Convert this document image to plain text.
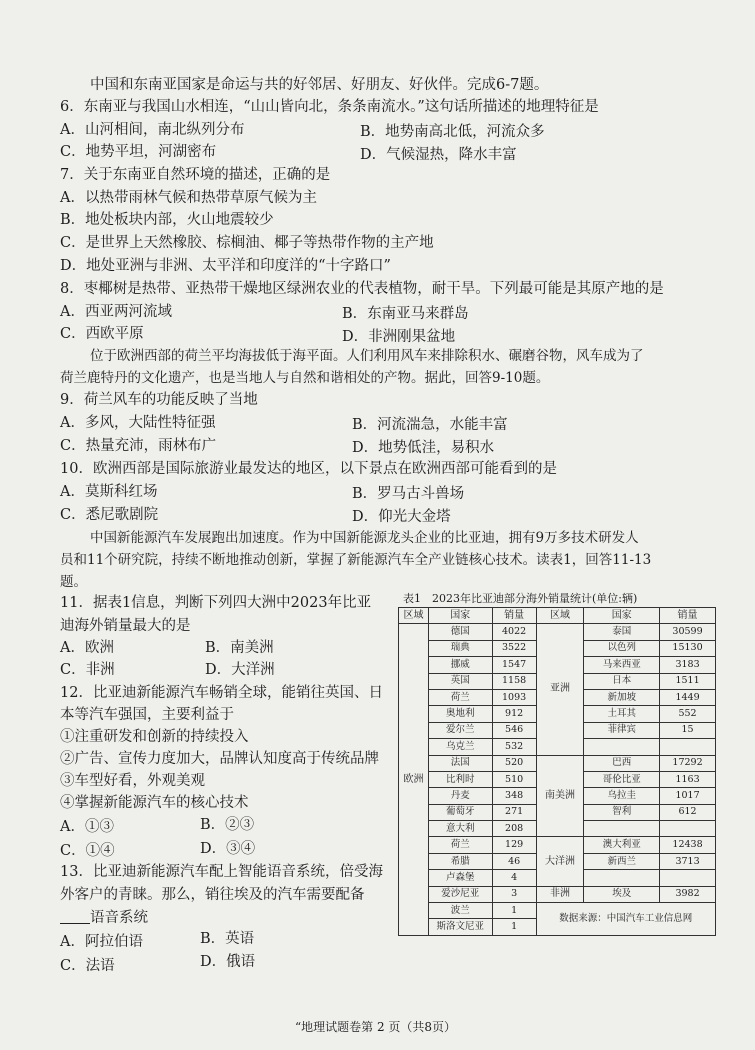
中国和东南亚国家是命运与共的好邻居、好朋友、好伙伴。完成6-7题。
6．东南亚与我国山水相连，“山山皆向北，条条南流水。”这句话所描述的地理特征是
A．山河相间，南北纵列分布	B．地势南高北低，河流众多
C．地势平坦，河湖密布	D．气候湿热，降水丰富
7．关于东南亚自然环境的描述，正确的是
A．以热带雨林气候和热带草原气候为主
B．地处板块内部，火山地震较少
C．是世界上天然橡胶、棕榈油、椰子等热带作物的主产地
D．地处亚洲与非洲、太平洋和印度洋的“十字路口”
8．枣椰树是热带、亚热带干燥地区绿洲农业的代表植物，耐干旱。下列最可能是其原产地的是
A．西亚两河流域	B．东南亚马来群岛
C．西欧平原	D．非洲刚果盆地
位于欧洲西部的荷兰平均海拔低于海平面。人们利用风车来排除积水、碾磨谷物，风车成为了
荷兰鹿特丹的文化遗产，也是当地人与自然和谐相处的产物。据此，回答9-10题。
9．荷兰风车的功能反映了当地
A．多风，大陆性特征强	B．河流湍急，水能丰富
C．热量充沛，雨林布广	D．地势低洼，易积水
10．欧洲西部是国际旅游业最发达的地区，以下景点在欧洲西部可能看到的是
A．莫斯科红场	B．罗马古斗兽场
C．悉尼歌剧院	D．仰光大金塔
中国新能源汽车发展跑出加速度。作为中国新能源龙头企业的比亚迪，拥有9万多技术研发人
员和11个研究院，持续不断地推动创新，掌握了新能源汽车全产业链核心技术。读表1，回答11-13
题。
11．据表1信息，判断下列四大洲中2023年比亚
迪海外销量最大的是
A．欧洲	B．南美洲
C．非洲	D．大洋洲
12．比亚迪新能源汽车畅销全球，能销往英国、日
本等汽车强国，主要利益于
①注重研发和创新的持续投入
②广告、宣传力度加大，品牌认知度高于传统品牌
③车型好看，外观美观
④掌握新能源汽车的核心技术
A．①③	B．②③
C．①④	D．③④
13．比亚迪新能源汽车配上智能语音系统，倍受海
外客户的青睐。那么，销往埃及的汽车需要配备
语音系统
A．阿拉伯语	B．英语
C．法语	D．俄语
表1　2023年比亚迪部分海外销量统计(单位:辆)
区域	国家	销量	区域	国家	销量
欧洲	德国	4022	亚洲	泰国	30599
	瑞典	3522		以色列	15130
	挪威	1547		马来西亚	3183
	英国	1158		日本	1511
	荷兰	1093		新加坡	1449
	奥地利	912		土耳其	552
	爱尔兰	546		菲律宾	15
	乌克兰	532			
	法国	520	南美洲	巴西	17292
	比利时	510		哥伦比亚	1163
	丹麦	348		乌拉圭	1017
	葡萄牙	271		智利	612
	意大利	208			
	荷兰	129	大洋洲	澳大利亚	12438
	希腊	46		新西兰	3713
	卢森堡	4			
	爱沙尼亚	3	非洲	埃及	3982
	波兰	1	数据来源：中国汽车工业信息网		
	斯洛文尼亚	1			
“地理试题卷第 2 页（共8页）
